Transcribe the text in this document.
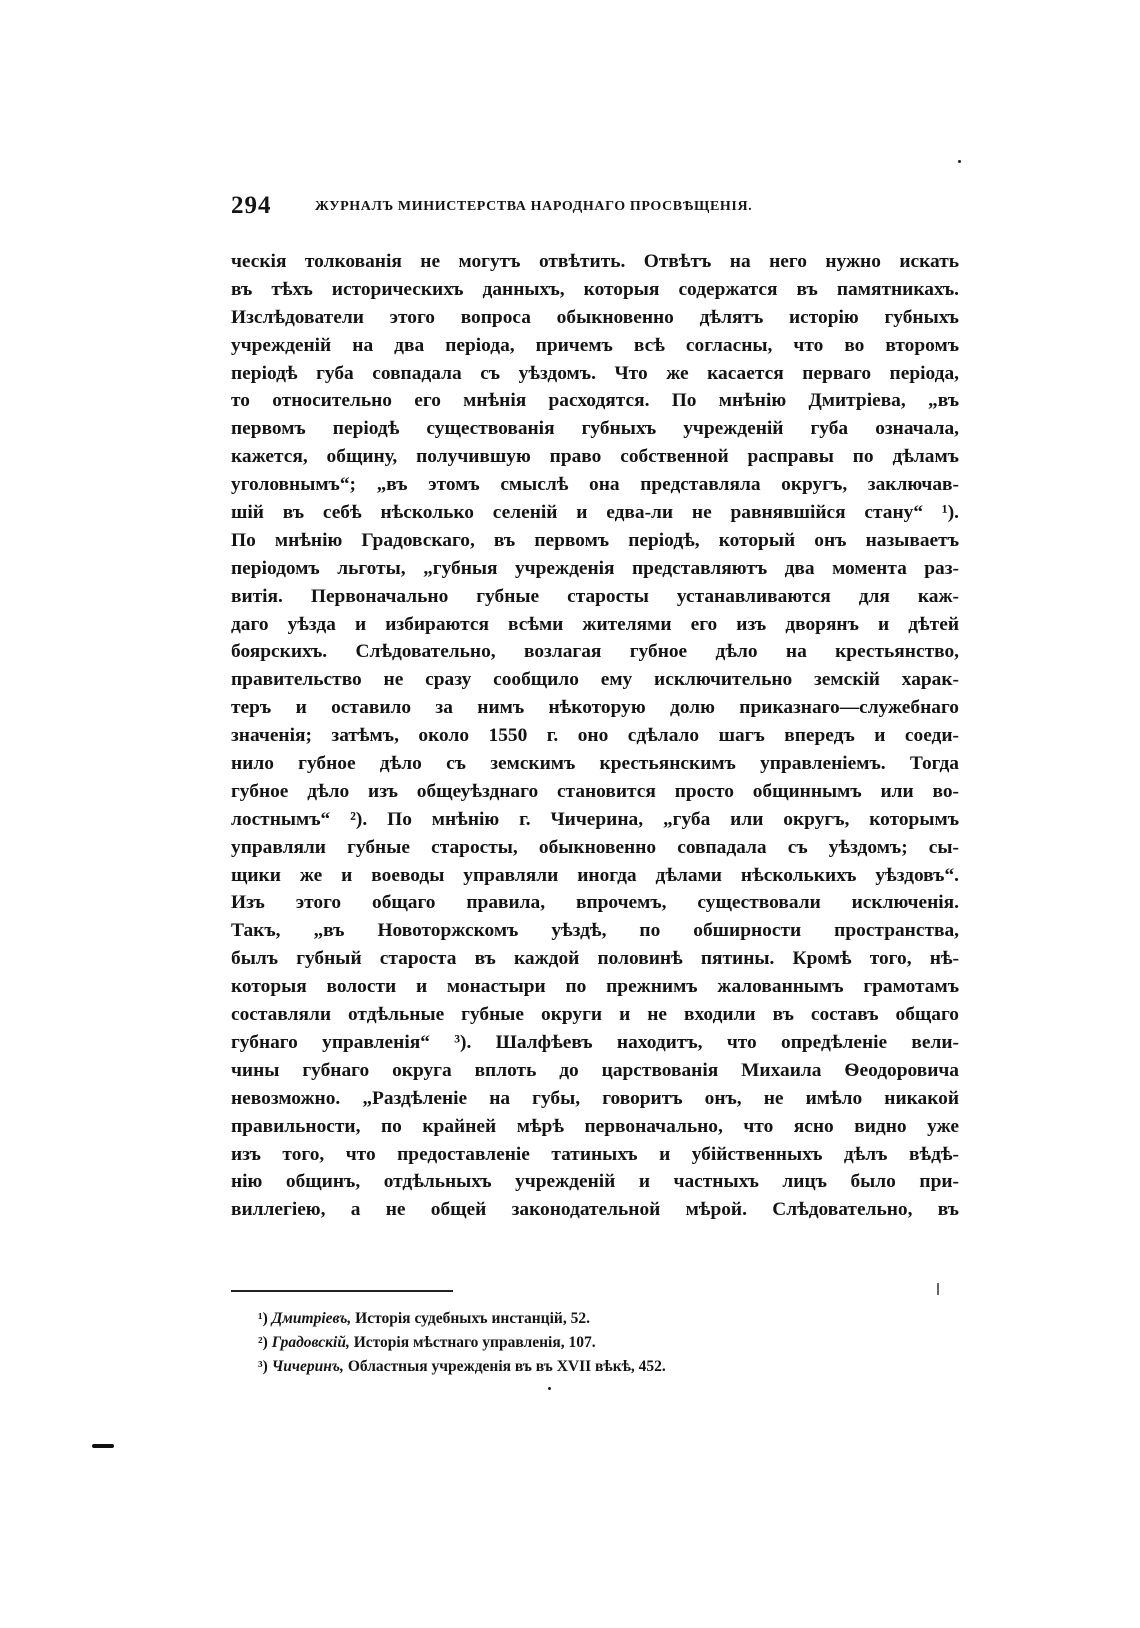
294	ЖУРНАЛЪ МИНИСТЕРСТВА НАРОДНАГО ПРОСВѢЩЕНІЯ.
ческія толкованія не могутъ отвѣтить. Отвѣтъ на него нужно искать
въ тѣхъ историческихъ данныхъ, которыя содержатся въ памятникахъ.
Изслѣдователи этого вопроса обыкновенно дѣлятъ исторію губныхъ
учрежденій на два періода, причемъ всѣ согласны, что во второмъ
періодѣ губа совпадала съ уѣздомъ. Что же касается перваго періода,
то относительно его мнѣнія расходятся. По мнѣнію Дмитріева, „въ
первомъ періодѣ существованія губныхъ учрежденій губа означала,
кажется, общину, получившую право собственной расправы по дѣламъ
уголовнымъ“; „въ этомъ смыслѣ она представляла округъ, заключав-
шій въ себѣ нѣсколько селеній и едва-ли не равнявшійся стану“ ¹).
По мнѣнію Градовскаго, въ первомъ періодѣ, который онъ называетъ
періодомъ льготы, „губныя учрежденія представляютъ два момента раз-
витія. Первоначально губные старосты устанавливаются для каж-
даго уѣзда и избираются всѣми жителями его изъ дворянъ и дѣтей
боярскихъ. Слѣдовательно, возлагая губное дѣло на крестьянство,
правительство не сразу сообщило ему исключительно земскій харак-
теръ и оставило за нимъ нѣкоторую долю приказнаго—служебнаго
значенія; затѣмъ, около 1550 г. оно сдѣлало шагъ впередъ и соеди-
нило губное дѣло съ земскимъ крестьянскимъ управленіемъ. Тогда
губное дѣло изъ общеуѣзднаго становится просто общиннымъ или во-
лостнымъ“ ²). По мнѣнію г. Чичерина, „губа или округъ, которымъ
управляли губные старосты, обыкновенно совпадала съ уѣздомъ; сы-
щики же и воеводы управляли иногда дѣлами нѣсколькихъ уѣздовъ“.
Изъ этого общаго правила, впрочемъ, существовали исключенія.
Такъ, „въ Новоторжскомъ уѣздѣ, по обширности пространства,
былъ губный староста въ каждой половинѣ пятины. Кромѣ того, нѣ-
которыя волости и монастыри по прежнимъ жалованнымъ грамотамъ
составляли отдѣльные губные округи и не входили въ составъ общаго
губнаго управленія“ ³). Шалфѣевъ находитъ, что опредѣленіе вели-
чины губнаго округа вплоть до царствованія Михаила Ѳеодоровича
невозможно. „Раздѣленіе на губы, говоритъ онъ, не имѣло никакой
правильности, по крайней мѣрѣ первоначально, что ясно видно уже
изъ того, что предоставленіе татиныхъ и убійственныхъ дѣлъ вѣдѣ-
нію общинъ, отдѣльныхъ учрежденій и частныхъ лицъ было при-
виллегіею, а не общей законодательной мѣрой. Слѣдовательно, въ
¹) Дмитріевъ, Исторія судебныхъ инстанцій, 52.
²) Градовскій, Исторія мѣстнаго управленія, 107.
³) Чичеринъ, Областныя учрежденія въ въ XVII вѣкѣ, 452.
